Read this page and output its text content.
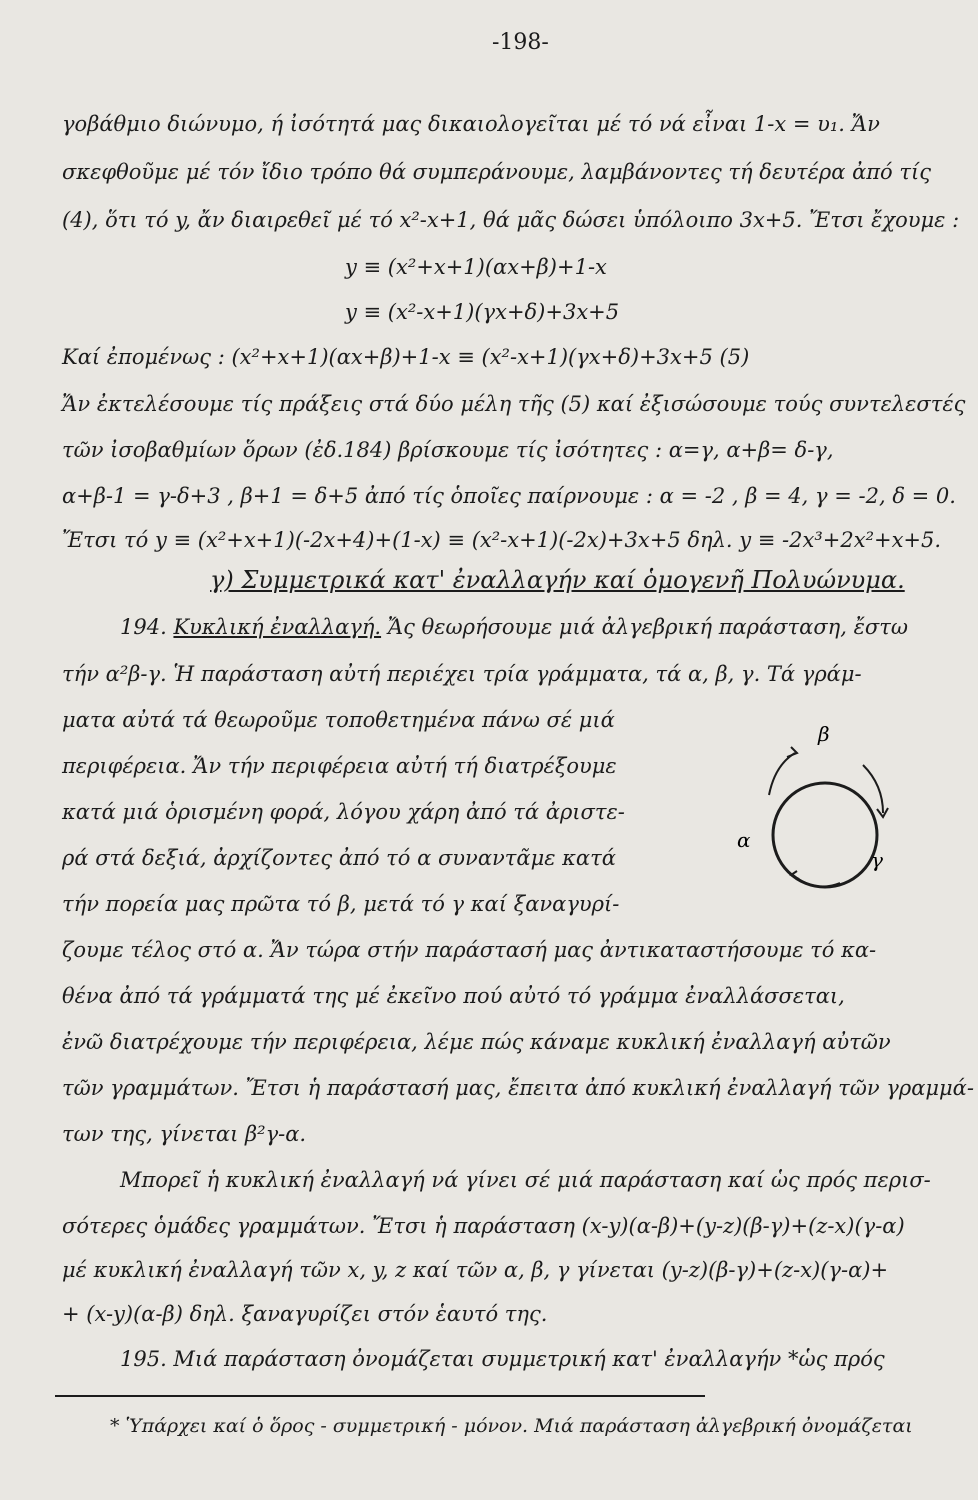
-198-
γοβάθμιο διώνυμο, ή ἰσότητά μας δικαιολογεῖται μέ τό νά εἶναι 1-x = υ₁. Ἄν
σκεφθοῦμε μέ τόν ἴδιο τρόπο θά συμπεράνουμε, λαμβάνοντες τή δευτέρα ἀπό τίς
(4), ὅτι τό y, ἄν διαιρεθεῖ μέ τό x²-x+1, θά μᾶς δώσει ὑπόλοιπο 3x+5. Ἔτσι ἔχουμε :
y ≡ (x²+x+1)(αx+β)+1-x
y ≡ (x²-x+1)(γx+δ)+3x+5
Καί ἐπομένως : (x²+x+1)(αx+β)+1-x ≡ (x²-x+1)(γx+δ)+3x+5 (5)
Ἄν ἐκτελέσουμε τίς πράξεις στά δύο μέλη τῆς (5) καί ἐξισώσουμε τούς συντελεστές
τῶν ἰσοβαθμίων ὅρων (ἐδ.184) βρίσκουμε τίς ἰσότητες : α=γ, α+β= δ-γ,
α+β-1 = γ-δ+3 , β+1 = δ+5 ἀπό τίς ὁποῖες παίρνουμε : α = -2 , β = 4, γ = -2, δ = 0.
Ἔτσι τό y ≡ (x²+x+1)(-2x+4)+(1-x) ≡ (x²-x+1)(-2x)+3x+5 δηλ. y ≡ -2x³+2x²+x+5.
γ) Συμμετρικά κατ' ἐναλλαγήν καί ὁμογενῆ Πολυώνυμα.
194. Κυκλική ἐναλλαγή. Ἄς θεωρήσουμε μιά ἀλγεβρική παράσταση, ἔστω
τήν α²β-γ. Ἡ παράσταση αὐτή περιέχει τρία γράμματα, τά α, β, γ. Τά γράμ-
ματα αὐτά τά θεωροῦμε τοποθετημένα πάνω σέ μιά
περιφέρεια. Ἄν τήν περιφέρεια αὐτή τή διατρέξουμε
κατά μιά ὁρισμένη φορά, λόγου χάρη ἀπό τά ἀριστε-
ρά στά δεξιά, ἀρχίζοντες ἀπό τό α συναντᾶμε κατά
τήν πορεία μας πρῶτα τό β, μετά τό γ καί ξαναγυρί-
ζουμε τέλος στό α. Ἄν τώρα στήν παράστασή μας ἀντικαταστήσουμε τό κα-
θένα ἀπό τά γράμματά της μέ ἐκεῖνο πού αὐτό τό γράμμα ἐναλλάσσεται,
ἐνῶ διατρέχουμε τήν περιφέρεια, λέμε πώς κάναμε κυκλική ἐναλλαγή αὐτῶν
τῶν γραμμάτων. Ἔτσι ἡ παράστασή μας, ἔπειτα ἀπό κυκλική ἐναλλαγή τῶν γραμμά-
των της, γίνεται β²γ-α.
Μπορεῖ ἡ κυκλική ἐναλλαγή νά γίνει σέ μιά παράσταση καί ὡς πρός περισ-
σότερες ὁμάδες γραμμάτων. Ἔτσι ἡ παράσταση (x-y)(α-β)+(y-z)(β-γ)+(z-x)(γ-α)
μέ κυκλική ἐναλλαγή τῶν x, y, z καί τῶν α, β, γ γίνεται (y-z)(β-γ)+(z-x)(γ-α)+
+ (x-y)(α-β) δηλ. ξαναγυρίζει στόν ἑαυτό της.
195. Μιά παράσταση ὀνομάζεται συμμετρική κατ' ἐναλλαγήν *ὡς πρός
* Ὑπάρχει καί ὁ ὅρος - συμμετρική - μόνον. Μιά παράσταση ἀλγεβρική ὀνομάζεται
β
α
γ
